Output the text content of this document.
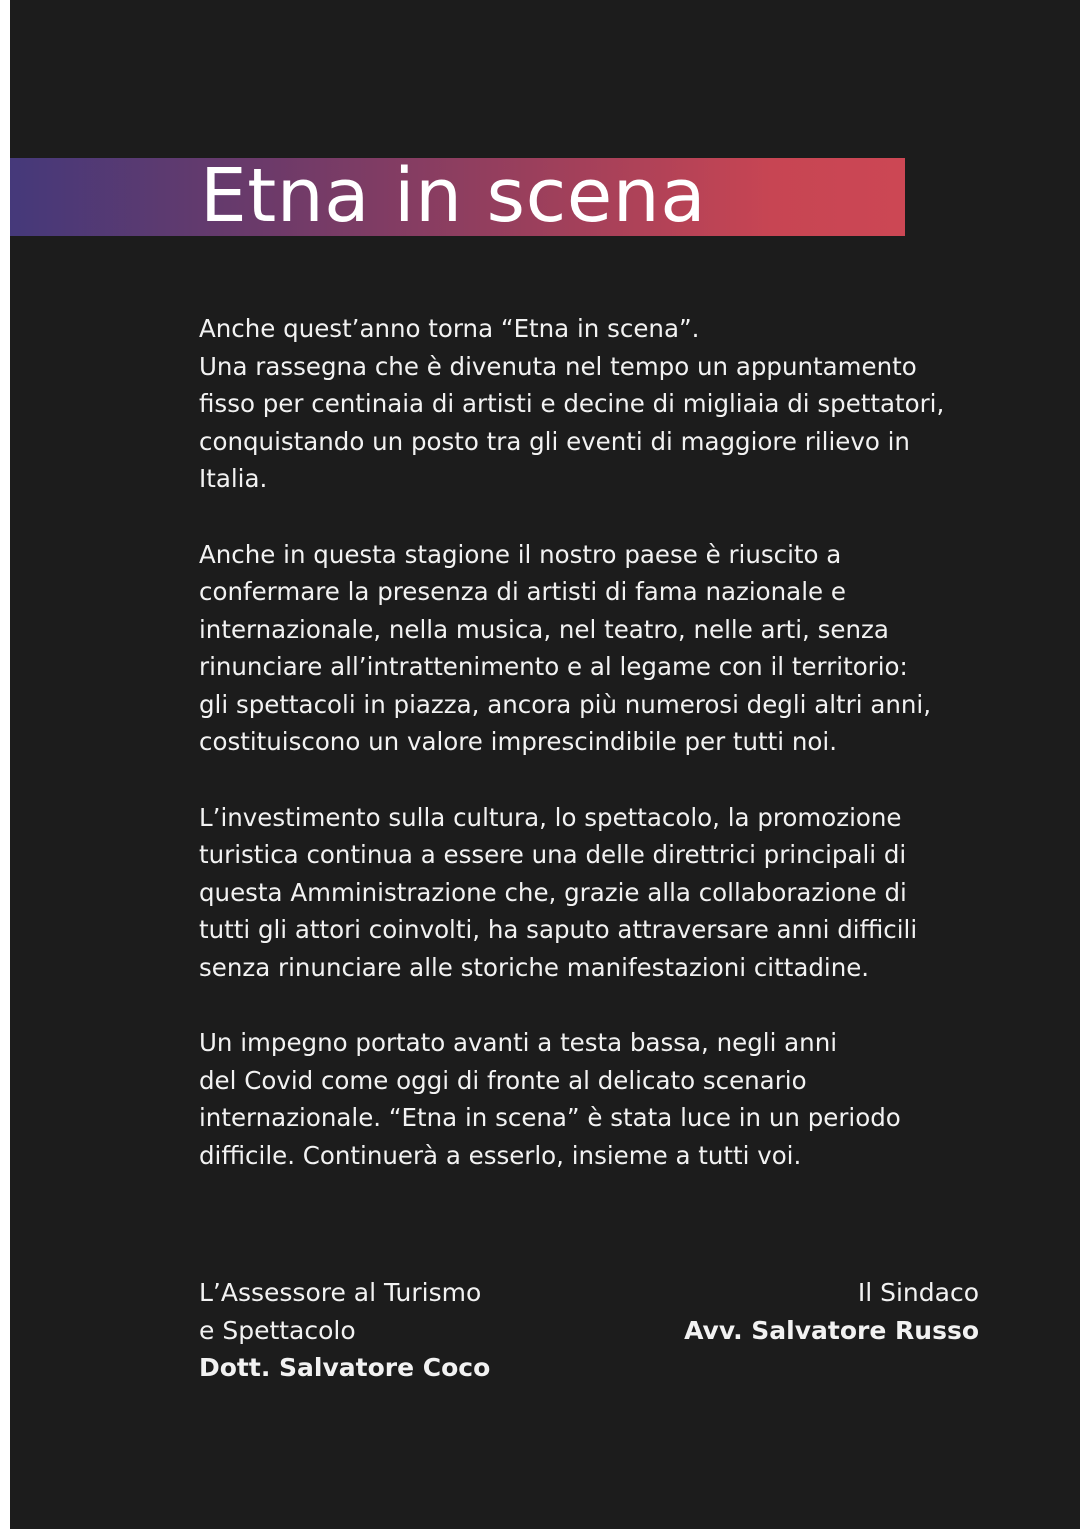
Etna in scena

Anche quest’anno torna “Etna in scena”.
Una rassegna che è divenuta nel tempo un appuntamento
fisso per centinaia di artisti e decine di migliaia di spettatori,
conquistando un posto tra gli eventi di maggiore rilievo in
Italia.

Anche in questa stagione il nostro paese è riuscito a
confermare la presenza di artisti di fama nazionale e
internazionale, nella musica, nel teatro, nelle arti, senza
rinunciare all’intrattenimento e al legame con il territorio:
gli spettacoli in piazza, ancora più numerosi degli altri anni,
costituiscono un valore imprescindibile per tutti noi.

L’investimento sulla cultura, lo spettacolo, la promozione
turistica continua a essere una delle direttrici principali di
questa Amministrazione che, grazie alla collaborazione di
tutti gli attori coinvolti, ha saputo attraversare anni difficili
senza rinunciare alle storiche manifestazioni cittadine.

Un impegno portato avanti a testa bassa, negli anni
del Covid come oggi di fronte al delicato scenario
internazionale. “Etna in scena” è stata luce in un periodo
difficile. Continuerà a esserlo, insieme a tutti voi.

L’Assessore al Turismo
e Spettacolo
Dott. Salvatore Coco
Il Sindaco
Avv. Salvatore Russo
